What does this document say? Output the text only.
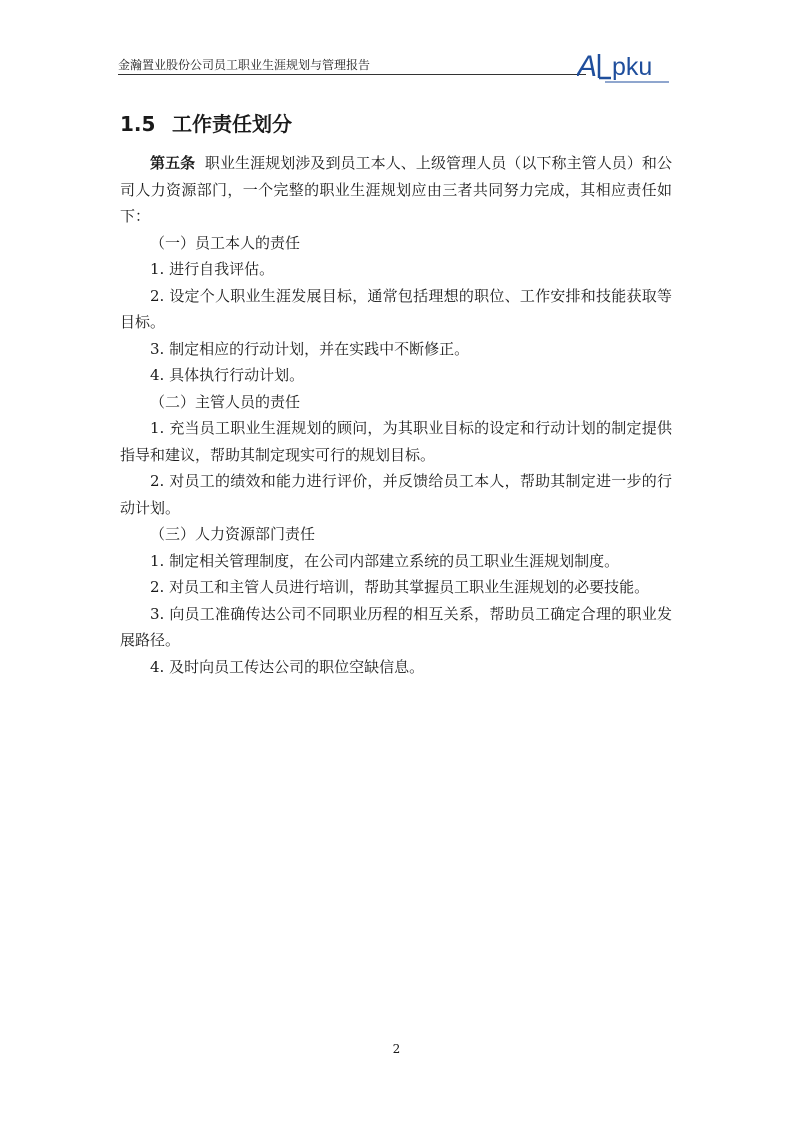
金瀚置业股份公司员工职业生涯规划与管理报告	A pku
1.5 工作责任划分

第五条 职业生涯规划涉及到员工本人、上级管理人员（以下称主管人员）和公司人力资源部门，一个完整的职业生涯规划应由三者共同努力完成，其相应责任如下：

（一）员工本人的责任

1. 进行自我评估。

2. 设定个人职业生涯发展目标，通常包括理想的职位、工作安排和技能获取等目标。

3. 制定相应的行动计划，并在实践中不断修正。

4. 具体执行行动计划。

（二）主管人员的责任

1. 充当员工职业生涯规划的顾问，为其职业目标的设定和行动计划的制定提供指导和建议，帮助其制定现实可行的规划目标。

2. 对员工的绩效和能力进行评价，并反馈给员工本人，帮助其制定进一步的行动计划。

（三）人力资源部门责任

1. 制定相关管理制度，在公司内部建立系统的员工职业生涯规划制度。

2. 对员工和主管人员进行培训，帮助其掌握员工职业生涯规划的必要技能。

3. 向员工准确传达公司不同职业历程的相互关系，帮助员工确定合理的职业发展路径。

4. 及时向员工传达公司的职位空缺信息。

2
